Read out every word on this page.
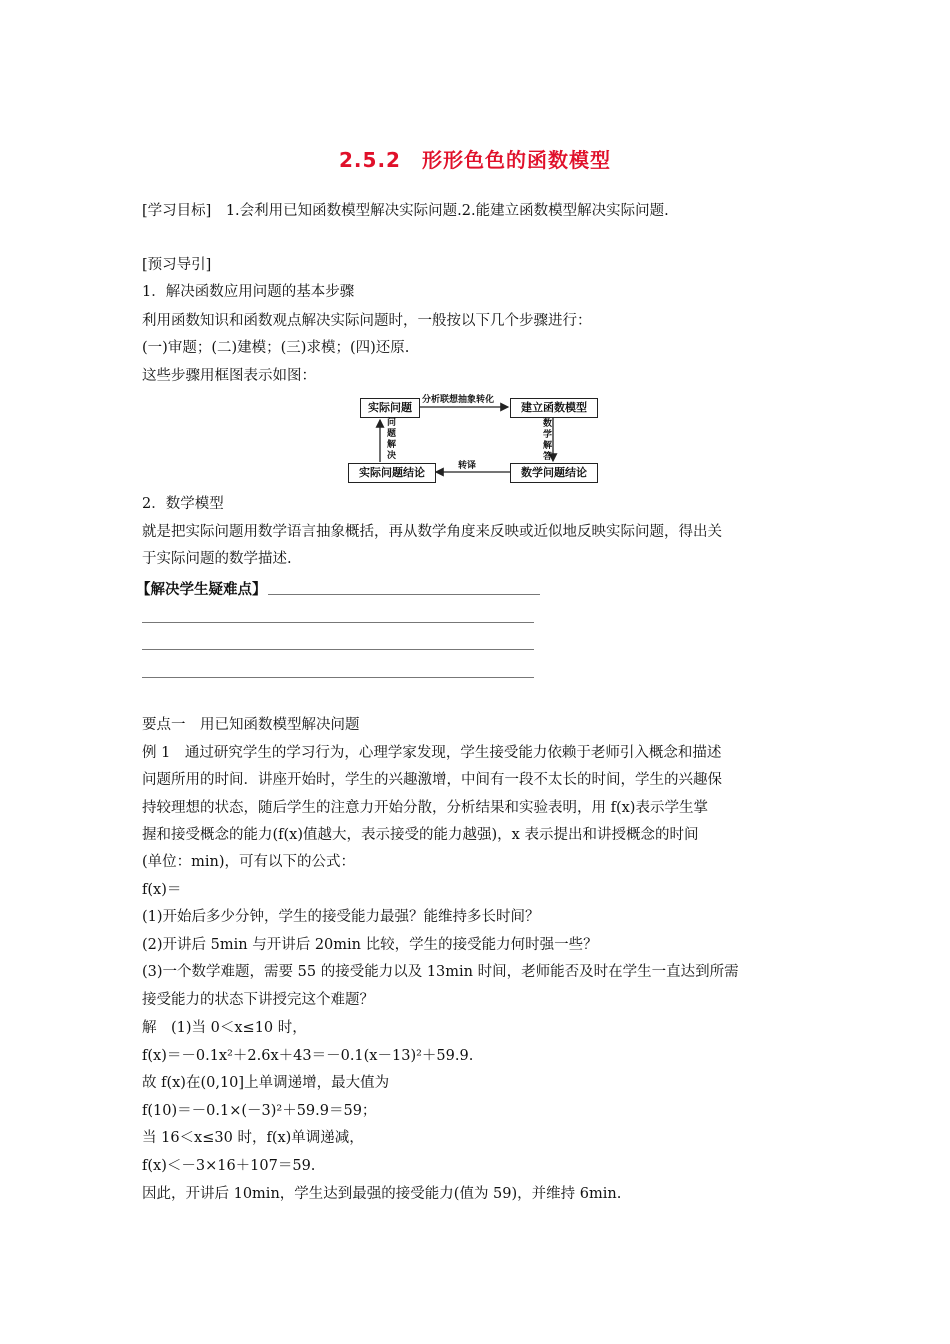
2.5.2　形形色色的函数模型
[学习目标]　1.会利用已知函数模型解决实际问题.2.能建立函数模型解决实际问题.
[预习导引]
1．解决函数应用问题的基本步骤
利用函数知识和函数观点解决实际问题时，一般按以下几个步骤进行：
(一)审题；(二)建模；(三)求模；(四)还原.
这些步骤用框图表示如图：
实际问题	建立函数模型
数学问题结论
实际问题结论
分析联想抽象转化
数学解答
转译
问题解决
2．数学模型
就是把实际问题用数学语言抽象概括，再从数学角度来反映或近似地反映实际问题，得出关
于实际问题的数学描述.
【解决学生疑难点】
要点一　用已知函数模型解决问题
例 1　通过研究学生的学习行为，心理学家发现，学生接受能力依赖于老师引入概念和描述
问题所用的时间．讲座开始时，学生的兴趣激增，中间有一段不太长的时间，学生的兴趣保
持较理想的状态，随后学生的注意力开始分散，分析结果和实验表明，用 f(x)表示学生掌
握和接受概念的能力(f(x)值越大，表示接受的能力越强)，x 表示提出和讲授概念的时间
(单位：min)，可有以下的公式：
f(x)＝
(1)开始后多少分钟，学生的接受能力最强？能维持多长时间？
(2)开讲后 5min 与开讲后 20min 比较，学生的接受能力何时强一些？
(3)一个数学难题，需要 55 的接受能力以及 13min 时间，老师能否及时在学生一直达到所需
接受能力的状态下讲授完这个难题？
解　(1)当 0＜x≤10 时，
f(x)＝－0.1x²＋2.6x＋43＝－0.1(x－13)²＋59.9.
故 f(x)在(0,10]上单调递增，最大值为
f(10)＝－0.1×(－3)²＋59.9＝59；
当 16＜x≤30 时，f(x)单调递减，
f(x)＜－3×16＋107＝59.
因此，开讲后 10min，学生达到最强的接受能力(值为 59)，并维持 6min.
